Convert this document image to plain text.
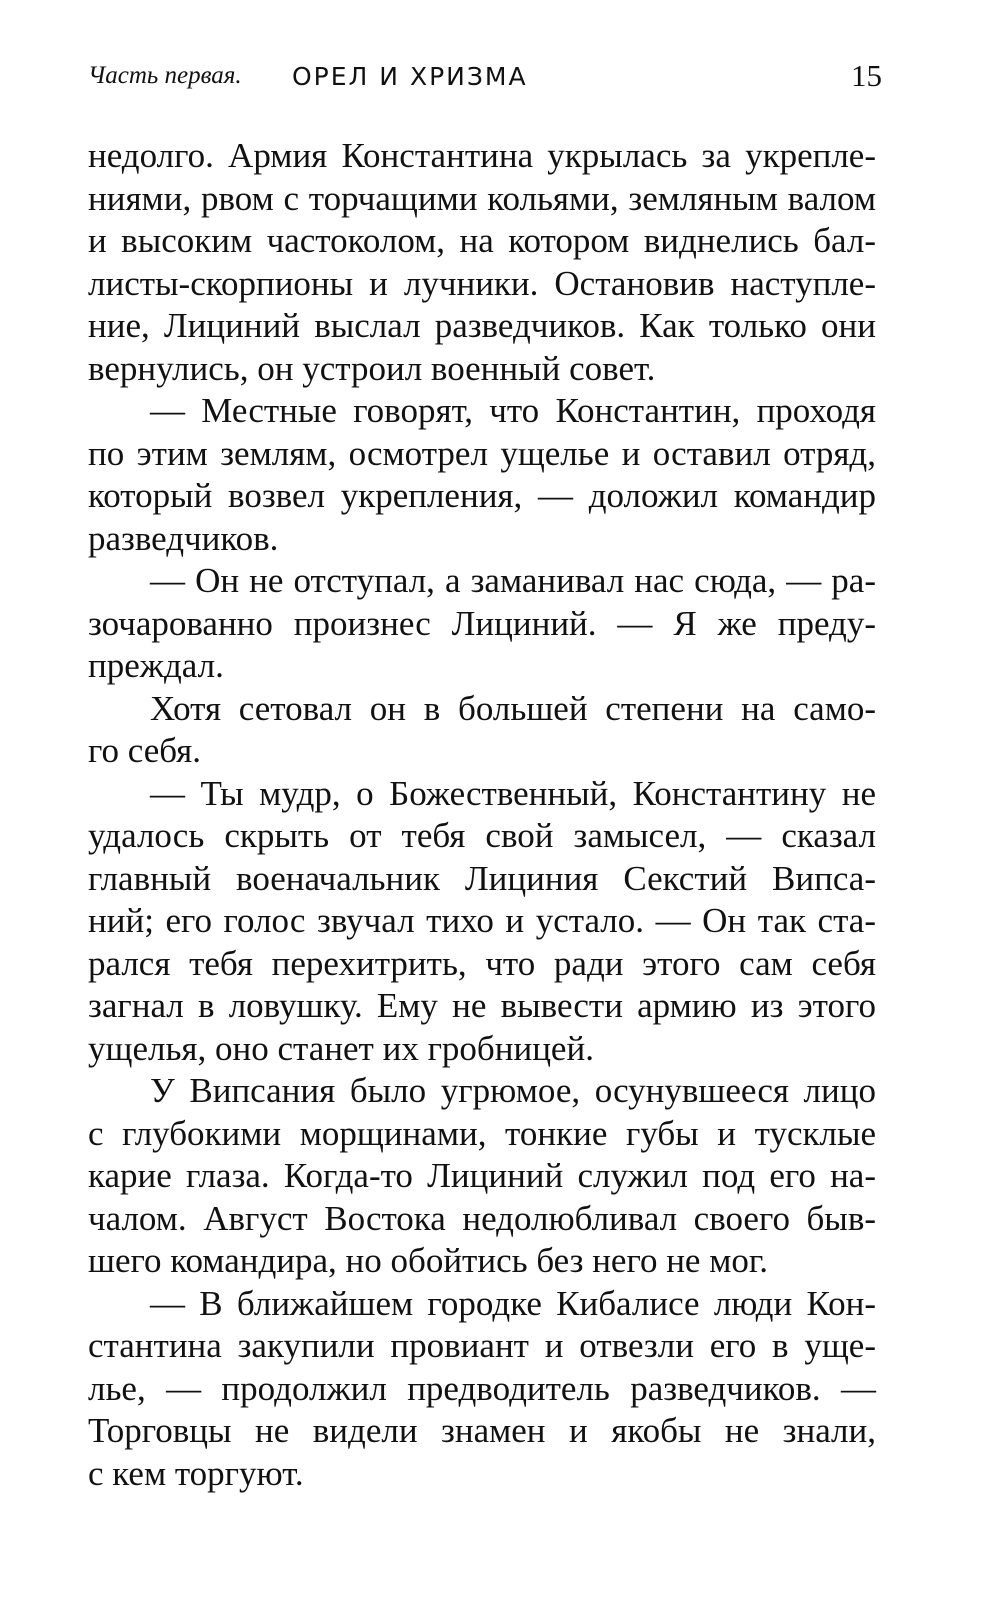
Часть первая. ОРЕЛ И ХРИЗМА	15
недолго. Армия Константина укрылась за укрепле-
ниями, рвом с торчащими кольями, земляным валом
и высоким частоколом, на котором виднелись бал-
листы-скорпионы и лучники. Остановив наступле-
ние, Лициний выслал разведчиков. Как только они
вернулись, он устроил военный совет.
— Местные говорят, что Константин, проходя
по этим землям, осмотрел ущелье и оставил отряд,
который возвел укрепления, — доложил командир
разведчиков.
— Он не отступал, а заманивал нас сюда, — ра-
зочарованно произнес Лициний. — Я же преду-
преждал.
Хотя сетовал он в большей степени на само-
го себя.
— Ты мудр, о Божественный, Константину не
удалось скрыть от тебя свой замысел, — сказал
главный военачальник Лициния Секстий Випса-
ний; его голос звучал тихо и устало. — Он так ста-
рался тебя перехитрить, что ради этого сам себя
загнал в ловушку. Ему не вывести армию из этого
ущелья, оно станет их гробницей.
У Випсания было угрюмое, осунувшееся лицо
с глубокими морщинами, тонкие губы и тусклые
карие глаза. Когда-то Лициний служил под его на-
чалом. Август Востока недолюбливал своего быв-
шего командира, но обойтись без него не мог.
— В ближайшем городке Кибалисе люди Кон-
стантина закупили провиант и отвезли его в уще-
лье, — продолжил предводитель разведчиков. —
Торговцы не видели знамен и якобы не знали,
с кем торгуют.
